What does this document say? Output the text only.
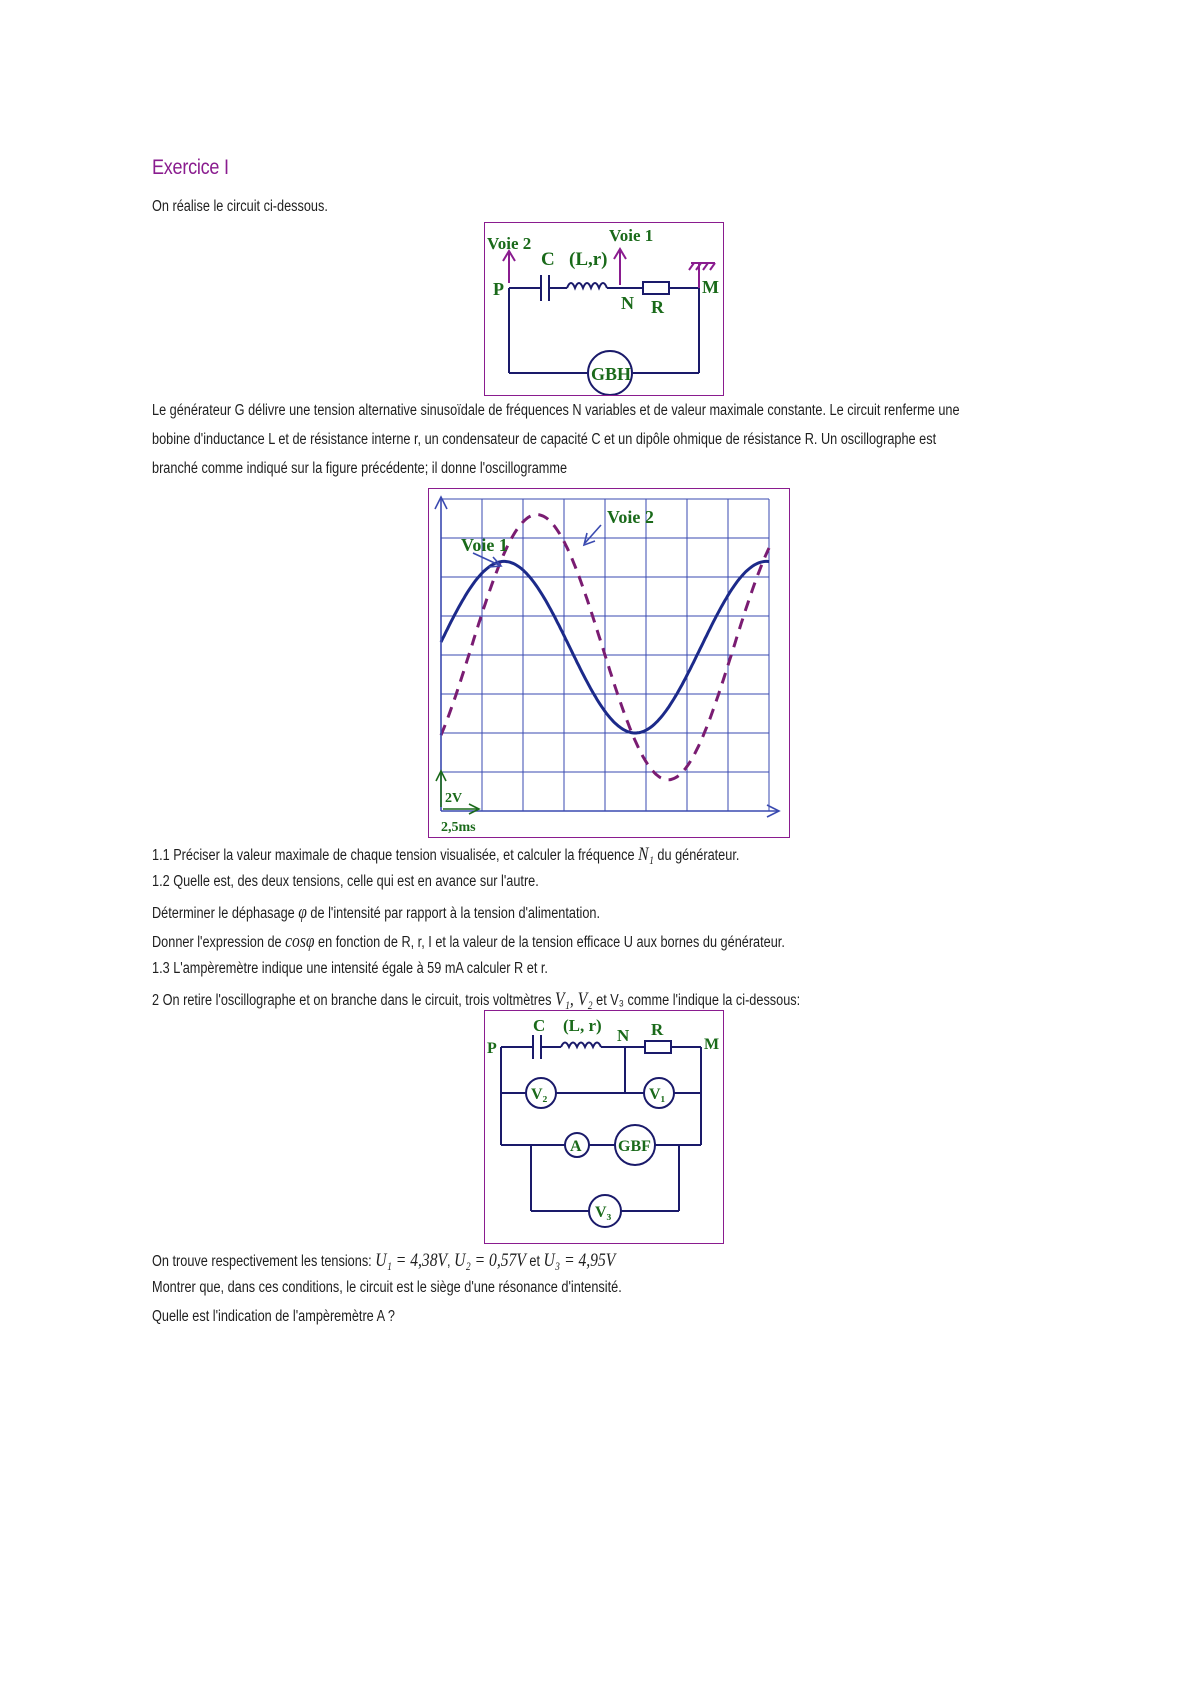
Exercice I
On réalise le circuit ci-dessous.
Voie 2	Voie 1
C (L,r)
P
N R
M
GBH
Le générateur G délivre une tension alternative sinusoïdale de fréquences N variables et de valeur maximale constante. Le circuit renferme une
bobine d'inductance L et de résistance interne r, un condensateur de capacité C et un dipôle ohmique de résistance R. Un oscillographe est
branché comme indiqué sur la figure précédente; il donne l'oscillogramme
Voie 2
Voie 1
2V
2,5ms
1.1 Préciser la valeur maximale de chaque tension visualisée, et calculer la fréquence N₁ du générateur.
1.2 Quelle est, des deux tensions, celle qui est en avance sur l'autre.
Déterminer le déphasage φ de l'intensité par rapport à la tension d'alimentation.
Donner l'expression de cosφ en fonction de R, r, I et la valeur de la tension efficace U aux bornes du générateur.
1.3 L'ampèremètre indique une intensité égale à 59 mA calculer R et r.
2 On retire l'oscillographe et on branche dans le circuit, trois voltmètres V₁, V₂ et V₃ comme l'indique la ci-dessous:
C (L, r)
N R
P	M
V₂	V₁
A GBF
V₃
On trouve respectivement les tensions: U₁ = 4,38V, U₂ = 0,57V et U₃ = 4,95V
Montrer que, dans ces conditions, le circuit est le siège d'une résonance d'intensité.
Quelle est l'indication de l'ampèremètre A ?
